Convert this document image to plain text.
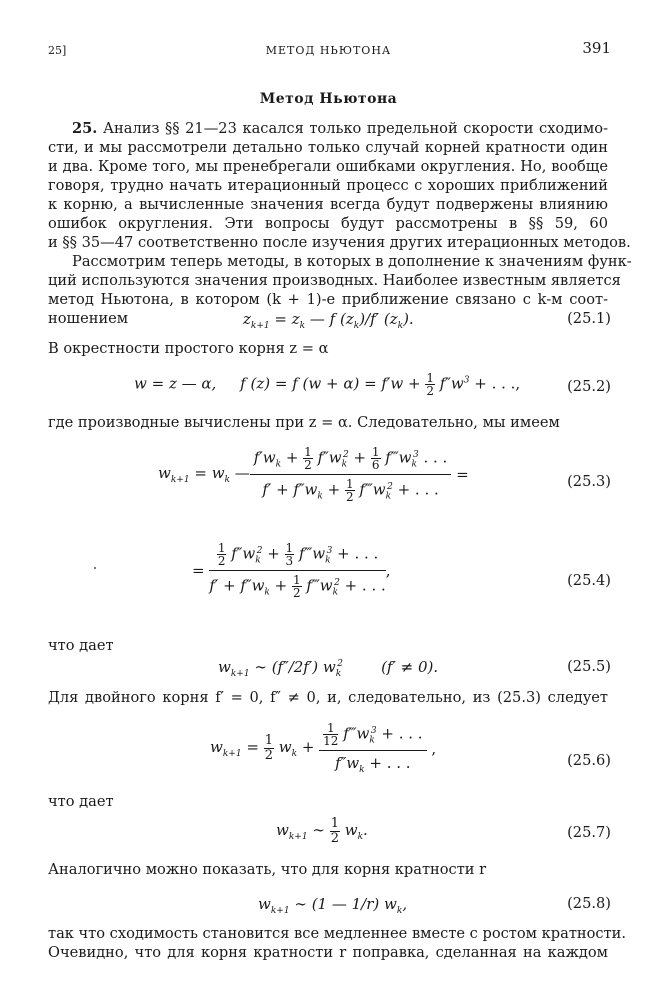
25]	МЕТОД НЬЮТОНА	391
Метод Ньютона
25. Анализ §§ 21—23 касался только предельной скорости сходимо-
сти, и мы рассмотрели детально только случай корней кратности один
и два. Кроме того, мы пренебрегали ошибками округления. Но, вообще
говоря, трудно начать итерационный процесс с хороших приближений
к корню, а вычисленные значения всегда будут подвержены влиянию
ошибок округления. Эти вопросы будут рассмотрены в §§ 59, 60
и §§ 35—47 соответственно после изучения других итерационных методов.
Рассмотрим теперь методы, в которых в дополнение к значениям функ-
ций используются значения производных. Наиболее известным является
метод Ньютона, в котором (k + 1)-е приближение связано с k-м соот-
ношением	$z_{k+1} = z_k$ — f $(z_k)/f'$ $(z_k)$.	(25.1)
В окрестности простого корня z = α
w = z — α, f (z) = f $(w + \alpha) = f'w + \frac{1}{2} f''w^3$ + . . .,	(25.2)
где производные вычислены при z = α. Следовательно, мы имеем
$w_{k+1} = w_k$ — $\frac{f'w_k + \frac{1}{2} f''w_k^2 + \frac{1}{6} f‴w_k^3 . . .}{f' + f''w_k + \frac{1}{2} f‴w_k^2 + . . .}$ =	(25.3)
= $\frac{\frac{1}{2} f''w_k^2 + \frac{1}{3} f‴w_k^3 + . . .}{f' + f''w_k + \frac{1}{2} f‴w_k^2 + . . .}$ ,
(25.4)
что дает
$w_{k+1}$ ∼ (f″/2f′) $w_k^2$	(f′ ≠ 0).	(25.5)
Для двойного корня f′ = 0, f″ ≠ 0, и, следовательно, из (25.3) следует
$w_{k+1} = \frac{1}{2} w_k + \frac{\frac{1}{12} f‴w_k^3 + . . .}{f''w_k + . . .}$ ,
(25.6)
что дает
$w_{k+1}$ ∼ $\frac{1}{2} w_k$.	(25.7)
Аналогично можно показать, что для корня кратности r
$w_{k+1}$ ∼ (1 — 1/r) $w_k$,	(25.8)
так что сходимость становится все медленнее вместе с ростом кратности.
Очевидно, что для корня кратности r поправка, сделанная на каждом
